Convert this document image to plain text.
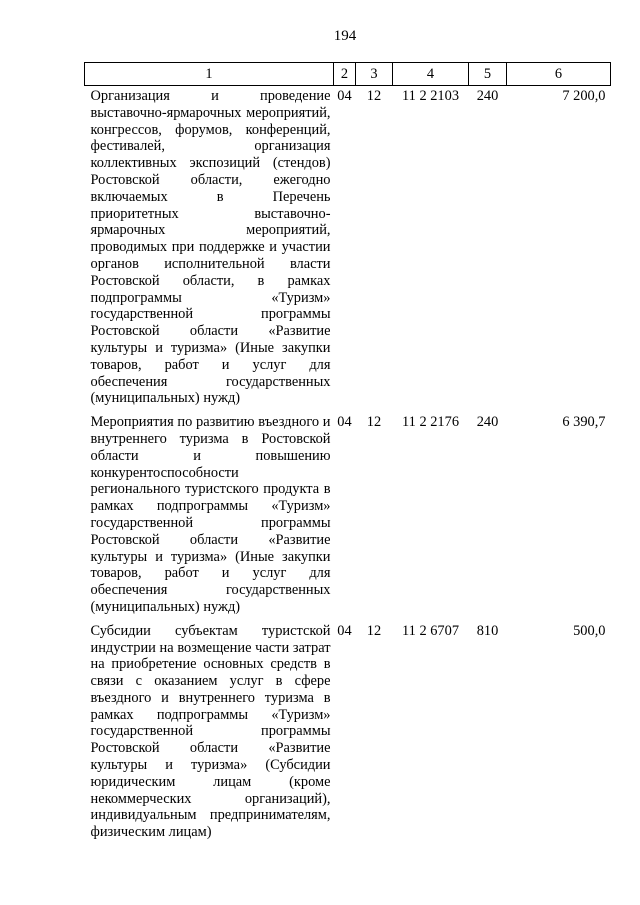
194
1	2	3	4	5	6
Организация и проведение выставочно-ярмарочных мероприятий, конгрессов, форумов, конференций, фестивалей, организация коллективных экспозиций (стендов) Ростовской области, ежегодно включаемых в Перечень приоритетных выставочно-ярмарочных мероприятий, проводимых при поддержке и участии органов исполнительной власти Ростовской области, в рамках подпрограммы «Туризм» государственной программы Ростовской области «Развитие культуры и туризма» (Иные закупки товаров, работ и услуг для обеспечения государственных (муниципальных) нужд)	04	12	11 2 2103	240	7 200,0
Мероприятия по развитию въездного и внутреннего туризма в Ростовской области и повышению конкурентоспособности регионального туристского продукта в рамках подпрограммы «Туризм» государственной программы Ростовской области «Развитие культуры и туризма» (Иные закупки товаров, работ и услуг для обеспечения государственных (муниципальных) нужд)	04	12	11 2 2176	240	6 390,7
Субсидии субъектам туристской индустрии на возмещение части затрат на приобретение основных средств в связи с оказанием услуг в сфере въездного и внутреннего туризма в рамках подпрограммы «Туризм» государственной программы Ростовской области «Развитие культуры и туризма» (Субсидии юридическим лицам (кроме некоммерческих организаций), индивидуальным предпринимателям, физическим лицам)	04	12	11 2 6707	810	500,0
